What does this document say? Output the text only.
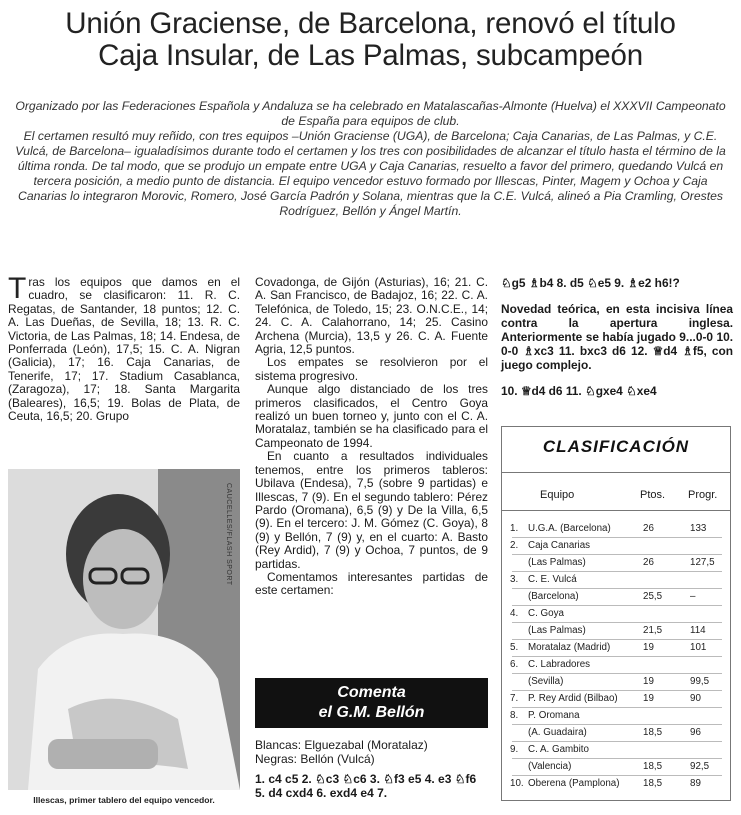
Unión Graciense, de Barcelona, renovó el título
Caja Insular, de Las Palmas, subcampeón

Organizado por las Federaciones Española y Andaluza se ha celebrado en Matalascañas-Almonte (Huelva) el XXXVII Campeonato de España para equipos de club.

El certamen resultó muy reñido, con tres equipos –Unión Graciense (UGA), de Barcelona; Caja Canarias, de Las Palmas, y C.E. Vulcá, de Barcelona– igualadísimos durante todo el certamen y los tres con posibilidades de alcanzar el título hasta el término de la última ronda. De tal modo, que se produjo un empate entre UGA y Caja Canarias, resuelto a favor del primero, quedando Vulcá en tercera posición, a medio punto de distancia. El equipo vencedor estuvo formado por Illescas, Pinter, Magem y Ochoa y Caja Canarias lo integraron Morovic, Romero, José García Padrón y Solana, mientras que la C.E. Vulcá, alineó a Pia Cramling, Orestes Rodríguez, Bellón y Ángel Martín.

T ras los equipos que damos en el cuadro, se clasificaron: 11. R. C. Regatas, de Santander, 18 puntos; 12. C. A. Las Dueñas, de Sevilla, 18; 13. R. C. Victoria, de Las Palmas, 18; 14. Endesa, de Ponferrada (León), 17,5; 15. C. A. Nigran (Galicia), 17; 16. Caja Canarias, de Tenerife, 17; 17. Stadium Casablanca, (Zaragoza), 17; 18. Santa Margarita (Baleares), 16,5; 19. Bolas de Plata, de Ceuta, 16,5; 20. Grupo

CAUCELLES/FLASH SPORT
Illescas, primer tablero del equipo vencedor.

Covadonga, de Gijón (Asturias), 16; 21. C. A. San Francisco, de Badajoz, 16; 22. C. A. Telefónica, de Toledo, 15; 23. O.N.C.E., 14; 24. C. A. Calahorrano, 14; 25. Casino Archena (Murcia), 13,5 y 26. C. A. Fuente Agria, 12,5 puntos.

Los empates se resolvieron por el sistema progresivo.

Aunque algo distanciado de los tres primeros clasificados, el Centro Goya realizó un buen torneo y, junto con el C. A. Moratalaz, también se ha clasificado para el Campeonato de 1994.

En cuanto a resultados individuales tenemos, entre los primeros tableros: Ubilava (Endesa), 7,5 (sobre 9 partidas) e Illescas, 7 (9). En el segundo tablero: Pérez Pardo (Oromana), 6,5 (9) y De la Villa, 6,5 (9). En el tercero: J. M. Gómez (C. Goya), 8 (9) y Bellón, 7 (9) y, en el cuarto: A. Basto (Rey Ardid), 7 (9) y Ochoa, 7 puntos, de 9 partidas.

Comentamos interesantes partidas de este certamen:

Comenta
el G.M. Bellón

Blancas: Elguezabal (Moratalaz)

Negras: Bellón (Vulcá)

1. c4 c5 2. ♘c3 ♘c6 3. ♘f3 e5 4. e3 ♘f6 5. d4 cxd4 6. exd4 e4 7.

♘g5 ♗b4 8. d5 ♘e5 9. ♗e2 h6!?

Novedad teórica, en esta incisiva línea contra la apertura inglesa. Anteriormente se había jugado 9...0-0 10. 0-0 ♗xc3 11. bxc3 d6 12. ♕d4 ♗f5, con juego complejo.

10. ♕d4 d6 11. ♘gxe4 ♘xe4

CLASIFICACIÓN
Equipo	Ptos. Progr.
1. U.G.A. (Barcelona)	26	133
2. Caja Canarias
(Las Palmas)	26	127,5
3. C. E. Vulcá
(Barcelona)	25,5	–
4. C. Goya
(Las Palmas)	21,5	114
5. Moratalaz (Madrid)	19	101
6. C. Labradores
(Sevilla)	19	99,5
7. P. Rey Ardid (Bilbao)	19	90
8. P. Oromana
(A. Guadaira)	18,5	96
9. C. A. Gambito
(Valencia)	18,5	92,5
10. Oberena (Pamplona) 18,5	89
